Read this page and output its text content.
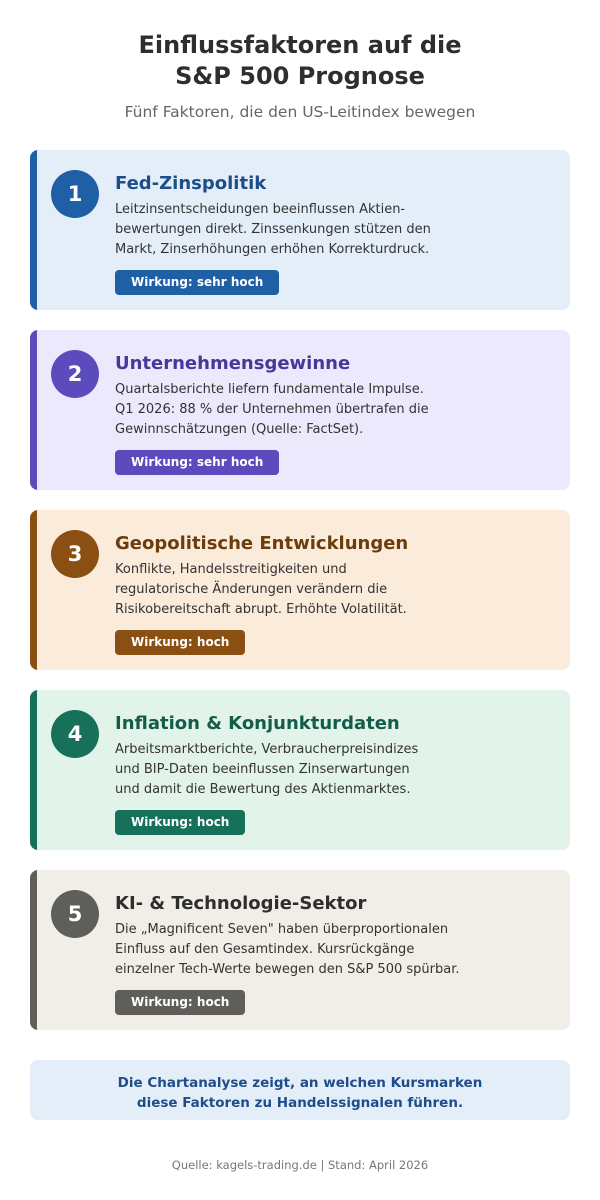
Einflussfaktoren auf die
S&P 500 Prognose
Fünf Faktoren, die den US-Leitindex bewegen
1	Fed-Zinspolitik
Leitzinsentscheidungen beeinflussen Aktien-
bewertungen direkt. Zinssenkungen stützen den
Markt, Zinserhöhungen erhöhen Korrekturdruck.
Wirkung: sehr hoch
2	Unternehmensgewinne
Quartalsberichte liefern fundamentale Impulse.
Q1 2026: 88 % der Unternehmen übertrafen die
Gewinnschätzungen (Quelle: FactSet).
Wirkung: sehr hoch
3	Geopolitische Entwicklungen
Konflikte, Handelsstreitigkeiten und
regulatorische Änderungen verändern die
Risikobereitschaft abrupt. Erhöhte Volatilität.
Wirkung: hoch
4	Inflation & Konjunkturdaten
Arbeitsmarktberichte, Verbraucherpreisindizes
und BIP-Daten beeinflussen Zinserwartungen
und damit die Bewertung des Aktienmarktes.
Wirkung: hoch
5	KI- & Technologie-Sektor
Die „Magnificent Seven" haben überproportionalen
Einfluss auf den Gesamtindex. Kursrückgänge
einzelner Tech-Werte bewegen den S&P 500 spürbar.
Wirkung: hoch
Die Chartanalyse zeigt, an welchen Kursmarken
diese Faktoren zu Handelssignalen führen.
Quelle: kagels-trading.de | Stand: April 2026
